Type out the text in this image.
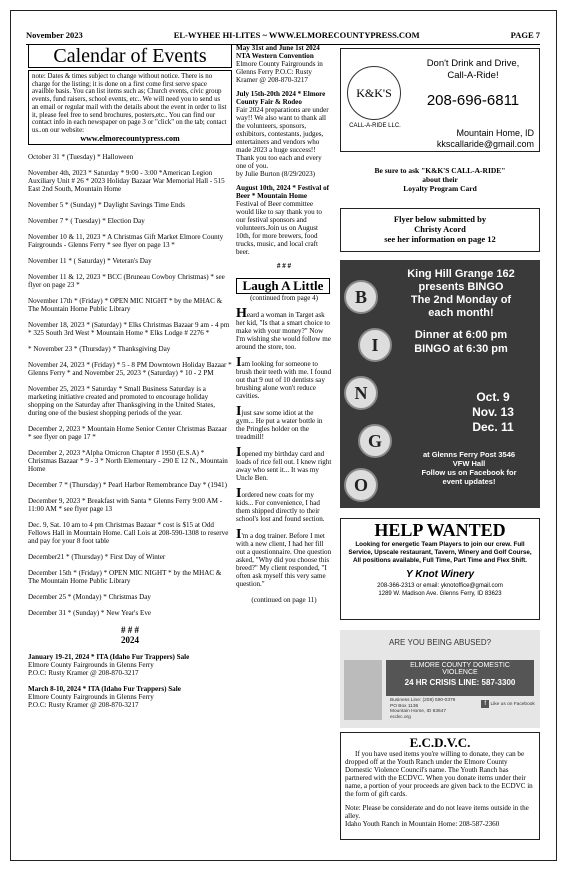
November 2023	EL-WYHEE HI-LITES ~ WWW.ELMORECOUNTYPRESS.COM	PAGE 7
Calendar of Events
note: Dates & times subject to change without notice. There is no charge for the listing; it is done on a first come first serve space availble basis. You can list items such as; Church events, civic group events, fund raisers, school events, etc.. We will need you to send us an email or regular mail with the details about the event in order to list it, please feel free to send brochures, posters,etc.. You can find our contact info in each newspaper on page 3 or "click" on the tab; contact us..on our website:
www.elmorecountypress.com
October 31 * (Tuesday) * Halloween
November 4th, 2023 * Saturday * 9:00 - 3:00 *American Legion Auxiliary Unit # 26 * 2023 Holiday Bazaar War Memorial Hall - 515 East 2nd South, Mountain Home
November 5 * (Sunday) * Daylight Savings Time Ends
November 7 * ( Tuesday) * Election Day
November 10 & 11, 2023 * A Christmas Gift Market Elmore County Fairgrounds - Glenns Ferry * see flyer on page 13 *
November 11 * ( Saturday) * Veteran's Day
November 11 & 12, 2023 * BCC (Bruneau Cowboy Christmas) * see flyer on page 23 *
November 17th * (Friday) * OPEN MIC NIGHT * by the MHAC & The Mountain Home Public Library
November 18, 2023 * (Saturday) * Elks Christmas Bazaar 9 am - 4 pm * 325 South 3rd West * Mountain Home * Elks Lodge # 2276 *
* November 23 * (Thursday) * Thanksgiving Day
November 24, 2023 * (Friday) * 5 - 8 PM Downtown Holiday Bazaar * Glenns Ferry * and November 25, 2023 * (Saturday) * 10 - 2 PM
November 25, 2023 * Saturday * Small Business Saturday is a marketing initiative created and promoted to encourage holiday shopping on the Saturday after Thanksgiving in the United States, during one of the busiest shopping periods of the year.
December 2, 2023 * Mountain Home Senior Center Christmas Bazaar * see flyer on page 17 *
December 2, 2023 *Alpha Omicron Chapter # 1950 (E.S.A) * Christmas Bazaar * 9 - 3 * North Elementary - 290 E 12 N., Mountain Home
December 7 * (Thursday) * Pearl Harbor Remembrance Day * (1941)
December 9, 2023 * Breakfast with Santa * Glenns Ferry 9:00 AM - 11:00 AM * see flyer page 13
Dec. 9, Sat. 10 am to 4 pm Christmas Bazaar * cost is $15 at Odd Fellows Hall in Mountain Home. Call Lois at 208-590-1308 to reserve and pay for your 8 foot table
December21 * (Thursday) * First Day of Winter
December 15th * (Friday) * OPEN MIC NIGHT * by the MHAC & The Mountain Home Public Library
December 25 * (Monday) * Christmas Day
December 31 * (Sunday) * New Year's Eve
# # #
2024
January 19-21, 2024 * ITA (Idaho Fur Trappers) Sale
Elmore County Fairgrounds in Glenns Ferry
P.O.C: Rusty Kramer @ 208-870-3217
March 8-10, 2024 * ITA (Idaho Fur Trappers) Sale
Elmore County Fairgrounds in Glenns Ferry
P.O.C: Rusty Kramer @ 208-870-3217
May 31st and June 1st 2024 NTA Western Convention
Elmore County Fairgrounds in Glenns Ferry P.O.C: Rusty Kramer @ 208-870-3217
July 15th-20th 2024 * Elmore County Fair & Rodeo
Fair 2024 preparations are under way!! We also want to thank all the volunteers, sponsors, exhibitors, contestants, judges, entertainers and vendors who made 2023 a huge success!! Thank you too each and every one of you.
by Julie Burton (8/29/2023)
August 10th, 2024 * Festival of Beer * Mountain Home
Festival of Beer committee would like to say thank you to our festival sponsors and volunteers.Join us on August 10th, for more brewers, food trucks, music, and local craft beer.
# # #
Laugh A Little
(continued from page 4)
Heard a woman in Target ask her kid, "Is that a smart choice to make with your money?" Now I'm wishing she would follow me around the store, too.
Iam looking for someone to brush their teeth with me. I found out that 9 out of 10 dentists say brushing alone won't reduce cavities.
Ijust saw some idiot at the gym... He put a water bottle in the Pringles holder on the treadmill!
Iopened my birthday card and loads of rice fell out. I knew right away who sent it... It was my Uncle Ben.
Iordered new coats for my kids... For convenience, I had them shipped directly to their school's lost and found section.
I'm a dog trainer. Before I met with a new client, I had her fill out a questionnaire. One question asked, "Why did you choose this breed?" My client responded, "I often ask myself this very same question."
(continued on page 11)
K&K'S
CALL-A-RIDE LLC.
Don't Drink and Drive,
Call-A-Ride!
208-696-6811
Mountain Home, ID
kkscallaride@gmail.com
Be sure to ask "K&K'S CALL-A-RIDE"
about their
Loyalty Program Card
Flyer below submitted by
Christy Acord
see her information on page 12
B
I
N
G
O
King Hill Grange 162
presents BINGO
The 2nd Monday of
each month!
Dinner at 6:00 pm
BINGO at 6:30 pm
Oct. 9
Nov. 13
Dec. 11
at Glenns Ferry Post 3546
VFW Hall
Follow us on Facebook for
event updates!
HELP WANTED
Looking for energetic Team Players to join our crew. Full Service, Upscale restaurant, Tavern, Winery and Golf Course, All positions available, Full Time, Part Time and Flex Shift.
Y Knot Winery
208-366-2313 or email: yknotoffice@gmail.com
1289 W. Madison Ave. Glenns Ferry, ID 83623
ARE YOU BEING ABUSED?
ELMORE COUNTY DOMESTIC
VIOLENCE
24 HR CRISIS LINE: 587-3300
Business Line: (208) 590-0379
PO Box 1136
Mountain Home, ID 83647
ecdvc.org
f Like us on Facebook
E.C.D.V.C.
If you have used items you're willing to donate, they can be dropped off at the Youth Ranch under the Elmore County Domestic Violence Council's name. The Youth Ranch has partnered with the ECDVC. When you donate items under their name, a portion of your proceeds are given back to the ECDVC in the form of gift cards.
Note: Please be considerate and do not leave items outside in the alley.
Idaho Youth Ranch in Mountain Home: 208-587-2360
